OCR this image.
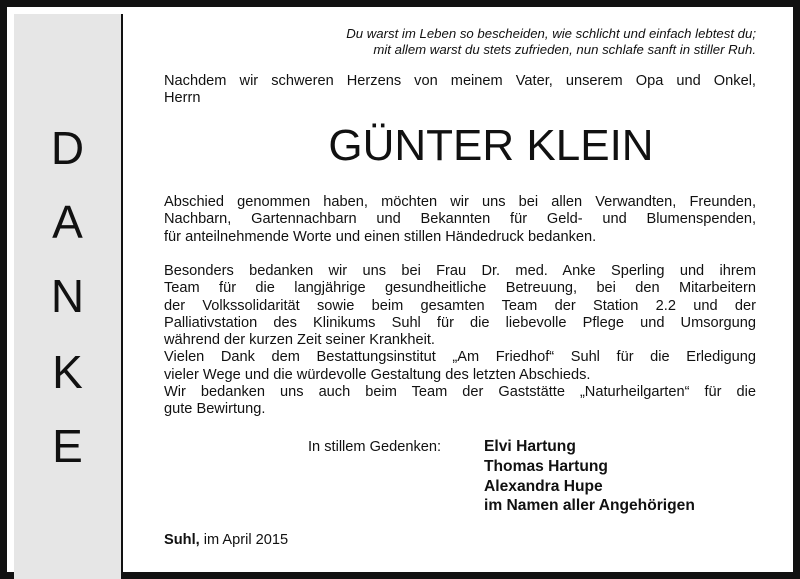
D
A
N
K
E
Du warst im Leben so bescheiden, wie schlicht und einfach lebtest du;
mit allem warst du stets zufrieden, nun schlafe sanft in stiller Ruh.
Nachdem wir schweren Herzens von meinem Vater, unserem Opa und Onkel,
Herrn
GÜNTER KLEIN
Abschied genommen haben, möchten wir uns bei allen Verwandten, Freunden,
Nachbarn, Gartennachbarn und Bekannten für Geld- und Blumenspenden,
für anteilnehmende Worte und einen stillen Händedruck bedanken.
Besonders bedanken wir uns bei Frau Dr. med. Anke Sperling und ihrem
Team für die langjährige gesundheitliche Betreuung, bei den Mitarbeitern
der Volkssolidarität sowie beim gesamten Team der Station 2.2 und der
Palliativstation des Klinikums Suhl für die liebevolle Pflege und Umsorgung
während der kurzen Zeit seiner Krankheit.
Vielen Dank dem Bestattungsinstitut „Am Friedhof“ Suhl für die Erledigung
vieler Wege und die würdevolle Gestaltung des letzten Abschieds.
Wir bedanken uns auch beim Team der Gaststätte „Naturheilgarten“ für die
gute Bewirtung.
In stillem Gedenken:	Elvi Hartung
Thomas Hartung
Alexandra Hupe
im Namen aller Angehörigen
Suhl, im April 2015
